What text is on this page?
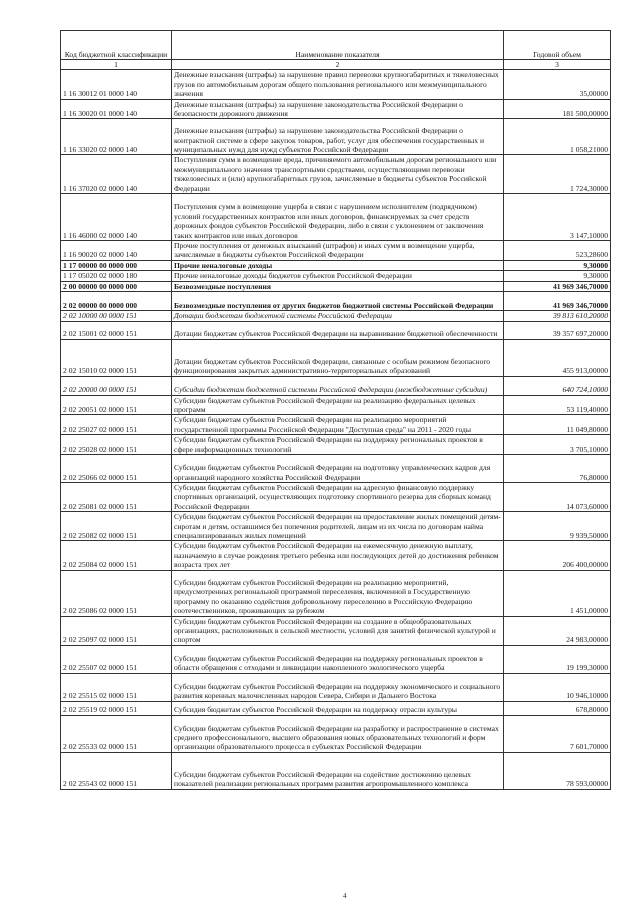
Код бюджетной классификации	Наименование показателя	Годовой объем
1	2	3
1 16 30012 01 0000 140	Денежные взыскания (штрафы) за нарушение правил перевозки крупногабаритных и тяжеловесных грузов по автомобильным дорогам общего пользования регионального или межмуниципального значения	35,00000
1 16 30020 01 0000 140	Денежные взыскания (штрафы) за нарушение законодательства Российской Федерации о безопасности дорожного движения	181 500,00000
1 16 33020 02 0000 140	Денежные взыскания (штрафы) за нарушение законодательства Российской Федерации о контрактной системе в сфере закупок товаров, работ, услуг для обеспечения государственных и муниципальных нужд для нужд субъектов Российской Федерации	1 058,21000
1 16 37020 02 0000 140	Поступления сумм в возмещение вреда, причиняемого автомобильным дорогам регионального или межмуниципального значения транспортными средствами, осуществляющими перевозки тяжеловесных и (или) крупногабаритных грузов, зачисляемые в бюджеты субъектов Российской Федерации	1 724,30000
1 16 46000 02 0000 140	Поступления сумм в возмещение ущерба в связи с нарушением исполнителем (подрядчиком) условий государственных контрактов или иных договоров, финансируемых за счет средств дорожных фондов субъектов Российской Федерации, либо в связи с уклонением от заключения таких контрактов или иных договоров	3 147,10000
1 16 90020 02 0000 140	Прочие поступления от денежных взысканий (штрафов) и иных сумм в возмещение ущерба, зачисляемые в бюджеты субъектов Российской Федерации	523,28600
1 17 00000 00 0000 000	Прочие неналоговые доходы	9,30000
1 17 05020 02 0000 180	Прочие неналоговые доходы бюджетов субъектов Российской Федерации	9,30000
2 00 00000 00 0000 000	Безвозмездные поступления	41 969 346,70000
2 02 00000 00 0000 000	Безвозмездные поступления от других бюджетов бюджетной системы Российской Федерации	41 969 346,70000
2 02 10000 00 0000 151	Дотации бюджетам бюджетной системы Российской Федерации	39 813 610,20000
2 02 15001 02 0000 151	Дотации бюджетам субъектов Российской Федерации на выравнивание бюджетной обеспеченности	39 357 697,20000
2 02 15010 02 0000 151	Дотации бюджетам субъектов Российской Федерации, связанные с особым режимом безопасного функционирования закрытых административно-территориальных образований	455 913,00000
2 02 20000 00 0000 151	Субсидии бюджетам бюджетной системы Российской Федерации (межбюджетные субсидии)	640 724,10000
2 02 20051 02 0000 151	Субсидии бюджетам субъектов Российской Федерации на реализацию федеральных целевых программ	53 119,40000
2 02 25027 02 0000 151	Субсидии бюджетам субъектов Российской Федерации на реализацию мероприятий государственной программы Российской Федерации "Доступная среда" на 2011 - 2020 годы	11 049,80000
2 02 25028 02 0000 151	Субсидии бюджетам субъектов Российской Федерации на поддержку региональных проектов в сфере информационных технологий	3 705,10000
2 02 25066 02 0000 151	Субсидии бюджетам субъектов Российской Федерации на подготовку управленческих кадров для организаций народного хозяйства Российской Федерации	76,80000
2 02 25081 02 0000 151	Субсидии бюджетам субъектов Российской Федерации на адресную финансовую поддержку спортивных организаций, осуществляющих подготовку спортивного резерва для сборных команд Российской Федерации	14 073,60000
2 02 25082 02 0000 151	Субсидии бюджетам субъектов Российской Федерации на предоставление жилых помещений детям-сиротам и детям, оставшимся без попечения родителей, лицам из их числа по договорам найма специализированных жилых помещений	9 939,50000
2 02 25084 02 0000 151	Субсидии бюджетам субъектов Российской Федерации на ежемесячную денежную выплату, назначаемую в случае рождения третьего ребенка или последующих детей до достижения ребенком возраста трех лет	206 400,00000
2 02 25086 02 0000 151	Субсидии бюджетам субъектов Российской Федерации на реализацию мероприятий, предусмотренных региональной программой переселения, включенной в Государственную программу по оказанию содействия добровольному переселению в Российскую Федерацию соотечественников, проживающих за рубежом	1 451,00000
2 02 25097 02 0000 151	Субсидии бюджетам субъектов Российской Федерации на создание в общеобразовательных организациях, расположенных в сельской местности, условий для занятий физической культурой и спортом	24 983,00000
2 02 25507 02 0000 151	Субсидии бюджетам субъектов Российской Федерации на поддержку региональных проектов в области обращения с отходами и ликвидации накопленного экологического ущерба	19 199,30000
2 02 25515 02 0000 151	Субсидии бюджетам субъектов Российской Федерации на поддержку экономического и социального развития коренных малочисленных народов Севера, Сибири и Дальнего Востока	10 946,10000
2 02 25519 02 0000 151	Субсидия бюджетам субъектов Российской Федерации на поддержку отрасли культуры	678,80000
2 02 25533 02 0000 151	Субсидии бюджетам субъектов Российской Федерации на разработку и распространение в системах среднего профессионального, высшего образования новых образовательных технологий и форм организации образовательного процесса в субъектах Российской Федерации	7 601,70000
2 02 25543 02 0000 151	Субсидии бюджетам субъектов Российской Федерации на содействие достижению целевых показателей реализации региональных программ развития агропромышленного комплекса	78 593,00000
4
